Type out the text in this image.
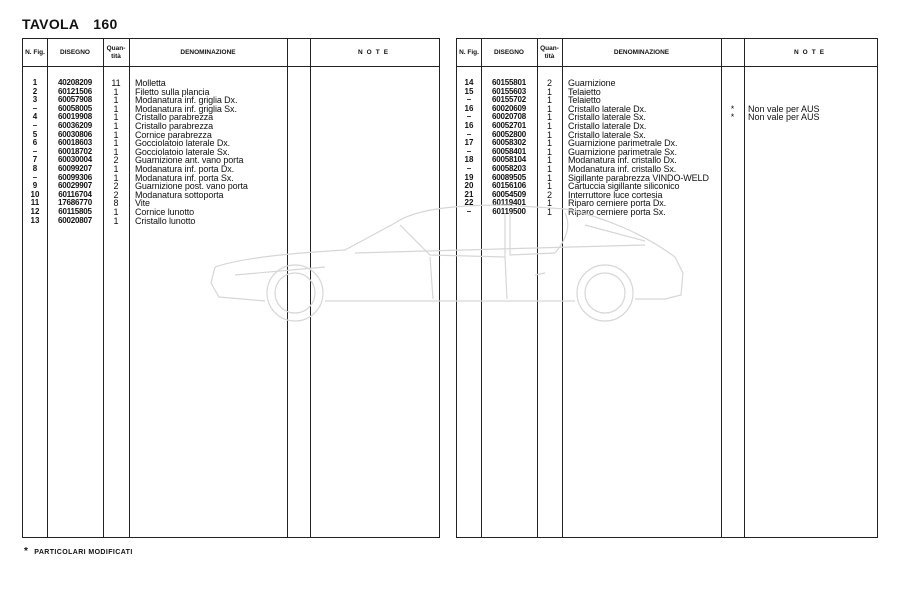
TAVOLA 160
N. Fig.	DISEGNO
Quan-tità
DENOMINAZIONE	NOTE
1	40208209	11	Molletta
2	60121506	1	Filetto sulla plancia
3	60057908	1	Modanatura inf. griglia Dx.
–	60058005	1	Modanatura inf. griglia Sx.
4	60019908	1	Cristallo parabrezza
–	60036209	1	Cristallo parabrezza
5	60030806	1	Cornice parabrezza
6	60018603	1	Gocciolatoio laterale Dx.
–	60018702	1	Gocciolatoio laterale Sx.
7	60030004	2	Guarnizione ant. vano porta
8	60099207	1	Modanatura inf. porta Dx.
–	60099306	1	Modanatura inf. porta Sx.
9	60029907	2	Guarnizione post. vano porta
10	60116704	2	Modanatura sottoporta
11	17686770	8	Vite
12	60115805	1	Cornice lunotto
13	60020807	1	Cristallo lunotto
N. Fig.	DISEGNO
Quan-tità
DENOMINAZIONE	NOTE
14	60155801	2	Guarnizione
15	60155603	1	Telaietto
–	60155702	1	Telaietto
16	60020609	1	Cristallo laterale Dx.	*	Non vale per AUS
–	60020708	1	Cristallo laterale Sx.	*	Non vale per AUS
16	60052701	1	Cristallo laterale Dx.
–	60052800	1	Cristallo laterale Sx.
17	60058302	1	Guarnizione parimetrale Dx.
–	60058401	1	Guarnizione parimetrale Sx.
18	60058104	1	Modanatura inf. cristallo Dx.
–	60058203	1	Modanatura inf. cristallo Sx.
19	60089505	1	Sigillante parabrezza VINDO-WELD
20	60156106	1	Cartuccia sigillante siliconico
21	60054509	2	Interruttore luce cortesia
22	60119401	1	Riparo cerniere porta Dx.
–	60119500	1	Riparo cerniere porta Sx.
* PARTICOLARI MODIFICATI
